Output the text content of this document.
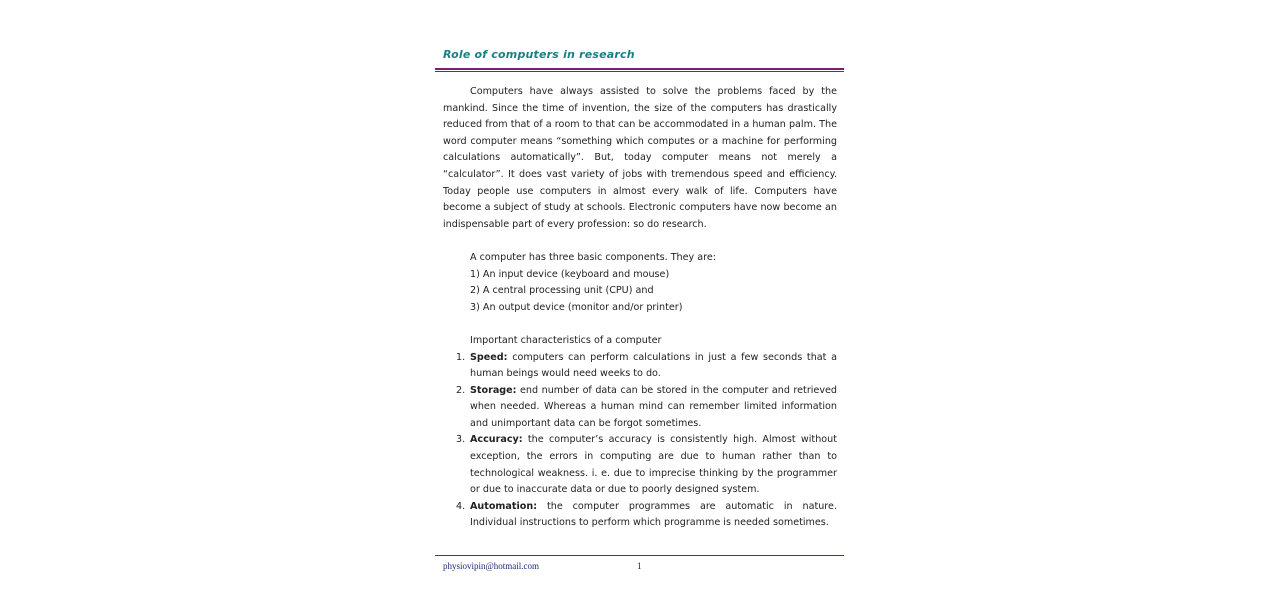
Role of computers in research

Computers have always assisted to solve the problems faced by the mankind. Since the time of invention, the size of the computers has drastically reduced from that of a room to that can be accommodated in a human palm. The word computer means “something which computes or a machine for performing calculations automatically”. But, today computer means not merely a “calculator”. It does vast variety of jobs with tremendous speed and efficiency. Today people use computers in almost every walk of life. Computers have become a subject of study at schools. Electronic computers have now become an indispensable part of every profession: so do research.

A computer has three basic components. They are:
1) An input device (keyboard and mouse)
2) A central processing unit (CPU) and
3) An output device (monitor and/or printer)
Important characteristics of a computer
1. Speed: computers can perform calculations in just a few seconds that a human beings would need weeks to do.
2. Storage: end number of data can be stored in the computer and retrieved when needed. Whereas a human mind can remember limited information and unimportant data can be forgot sometimes.
3. Accuracy: the computer’s accuracy is consistently high. Almost without exception, the errors in computing are due to human rather than to technological weakness. i. e. due to imprecise thinking by the programmer or due to inaccurate data or due to poorly designed system.
4. Automation: the computer programmes are automatic in nature. Individual instructions to perform which programme is needed sometimes.
physiovipin@hotmail.com	1
